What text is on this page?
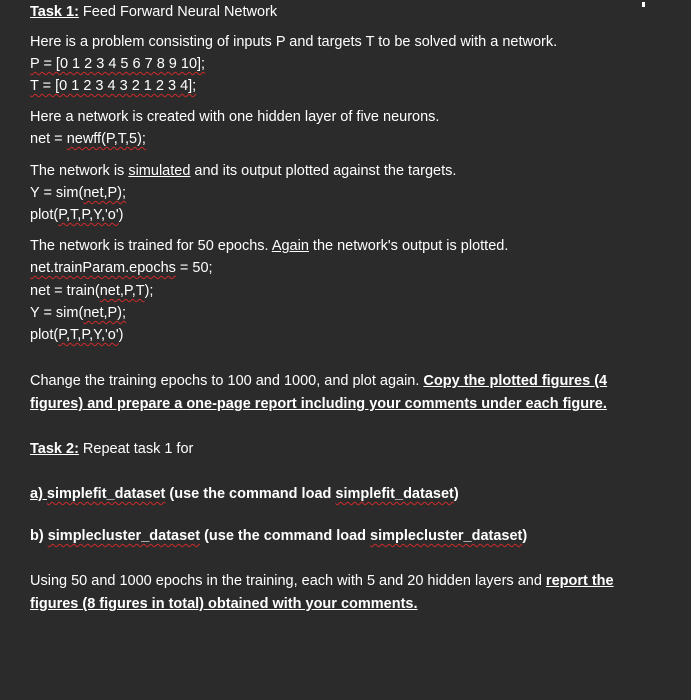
Task 1: Feed Forward Neural Network
Here is a problem consisting of inputs P and targets T to be solved with a network.
P = [0 1 2 3 4 5 6 7 8 9 10];
T = [0 1 2 3 4 3 2 1 2 3 4];
Here a network is created with one hidden layer of five neurons.
net = newff(P,T,5);
The network is simulated and its output plotted against the targets.
Y = sim(net,P);
plot(P,T,P,Y,'o')
The network is trained for 50 epochs. Again the network's output is plotted.
net.trainParam.epochs = 50;
net = train(net,P,T);
Y = sim(net,P);
plot(P,T,P,Y,'o')
Change the training epochs to 100 and 1000, and plot again. Copy the plotted figures (4
figures) and prepare a one-page report including your comments under each figure.
Task 2: Repeat task 1 for
a) simplefit_dataset (use the command load simplefit_dataset)
b) simplecluster_dataset (use the command load simplecluster_dataset)
Using 50 and 1000 epochs in the training, each with 5 and 20 hidden layers and report the
figures (8 figures in total) obtained with your comments.
